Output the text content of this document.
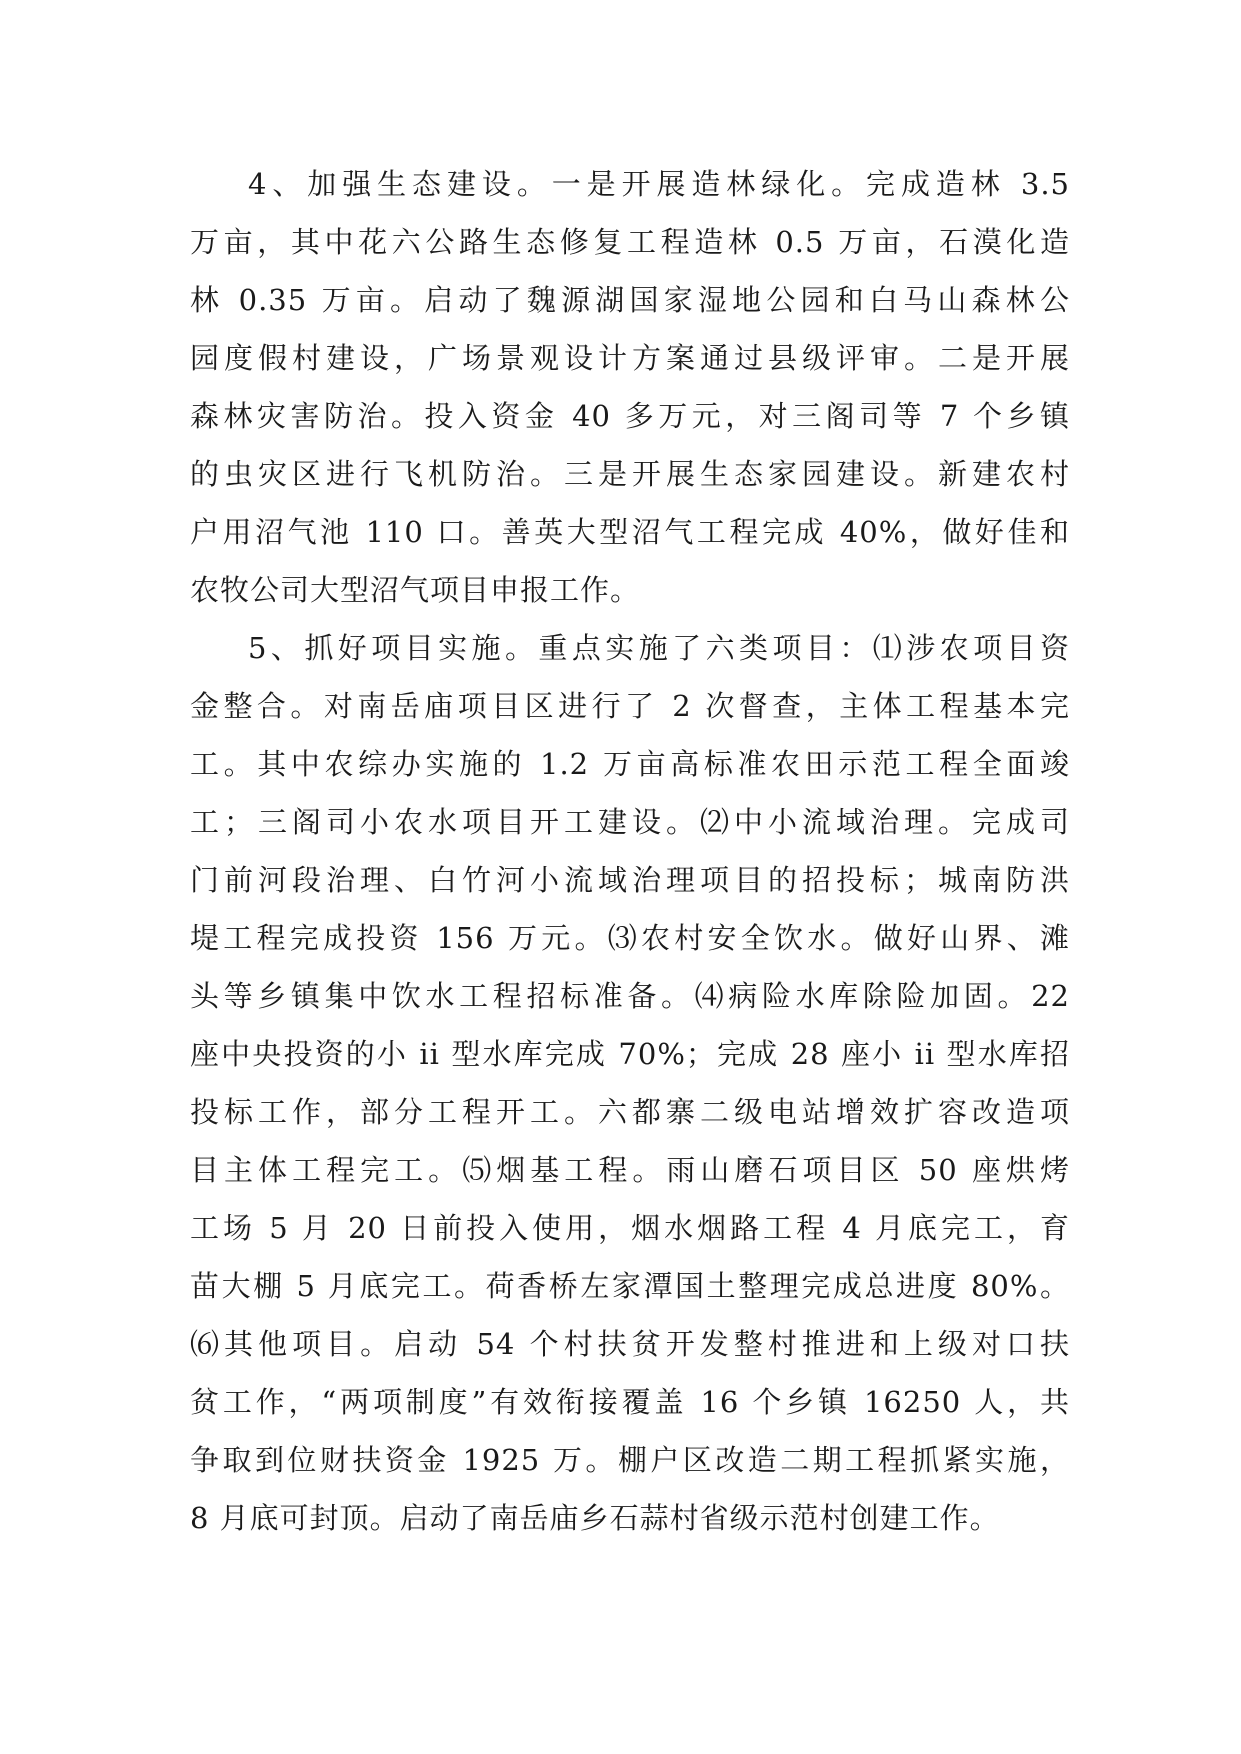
4、加强生态建设。一是开展造林绿化。完成造林 3.5
万亩，其中花六公路生态修复工程造林 0.5 万亩，石漠化造
林 0.35 万亩。启动了魏源湖国家湿地公园和白马山森林公
园度假村建设，广场景观设计方案通过县级评审。二是开展
森林灾害防治。投入资金 40 多万元，对三阁司等 7 个乡镇
的虫灾区进行飞机防治。三是开展生态家园建设。新建农村
户用沼气池 110 口。善英大型沼气工程完成 40%，做好佳和
农牧公司大型沼气项目申报工作。
5、抓好项目实施。重点实施了六类项目：⑴涉农项目资
金整合。对南岳庙项目区进行了 2 次督查，主体工程基本完
工。其中农综办实施的 1.2 万亩高标准农田示范工程全面竣
工；三阁司小农水项目开工建设。⑵中小流域治理。完成司
门前河段治理、白竹河小流域治理项目的招投标；城南防洪
堤工程完成投资 156 万元。⑶农村安全饮水。做好山界、滩
头等乡镇集中饮水工程招标准备。⑷病险水库除险加固。22
座中央投资的小 ii 型水库完成 70%；完成 28 座小 ii 型水库招
投标工作，部分工程开工。六都寨二级电站增效扩容改造项
目主体工程完工。⑸烟基工程。雨山磨石项目区 50 座烘烤
工场 5 月 20 日前投入使用，烟水烟路工程 4 月底完工，育
苗大棚 5 月底完工。荷香桥左家潭国土整理完成总进度 80%。
⑹其他项目。启动 54 个村扶贫开发整村推进和上级对口扶
贫工作，“两项制度”有效衔接覆盖 16 个乡镇 16250 人，共
争取到位财扶资金 1925 万。棚户区改造二期工程抓紧实施，
8 月底可封顶。启动了南岳庙乡石蒜村省级示范村创建工作。
